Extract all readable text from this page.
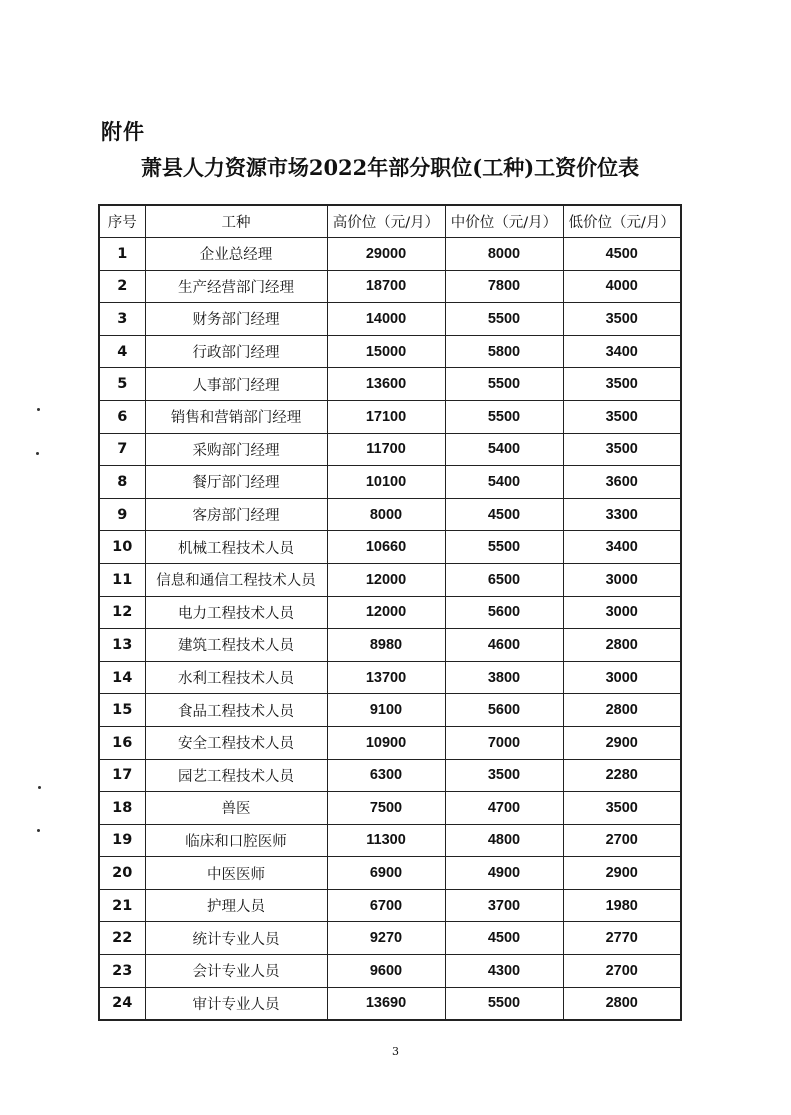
附件
萧县人力资源市场2022年部分职位(工种)工资价位表
序号	工种	高价位（元/月）	中价位（元/月）	低价位（元/月）
1	企业总经理	29000	8000	4500
2	生产经营部门经理	18700	7800	4000
3	财务部门经理	14000	5500	3500
4	行政部门经理	15000	5800	3400
5	人事部门经理	13600	5500	3500
6	销售和营销部门经理	17100	5500	3500
7	采购部门经理	11700	5400	3500
8	餐厅部门经理	10100	5400	3600
9	客房部门经理	8000	4500	3300
10	机械工程技术人员	10660	5500	3400
11	信息和通信工程技术人员	12000	6500	3000
12	电力工程技术人员	12000	5600	3000
13	建筑工程技术人员	8980	4600	2800
14	水利工程技术人员	13700	3800	3000
15	食品工程技术人员	9100	5600	2800
16	安全工程技术人员	10900	7000	2900
17	园艺工程技术人员	6300	3500	2280
18	兽医	7500	4700	3500
19	临床和口腔医师	11300	4800	2700
20	中医医师	6900	4900	2900
21	护理人员	6700	3700	1980
22	统计专业人员	9270	4500	2770
23	会计专业人员	9600	4300	2700
24	审计专业人员	13690	5500	2800
3
